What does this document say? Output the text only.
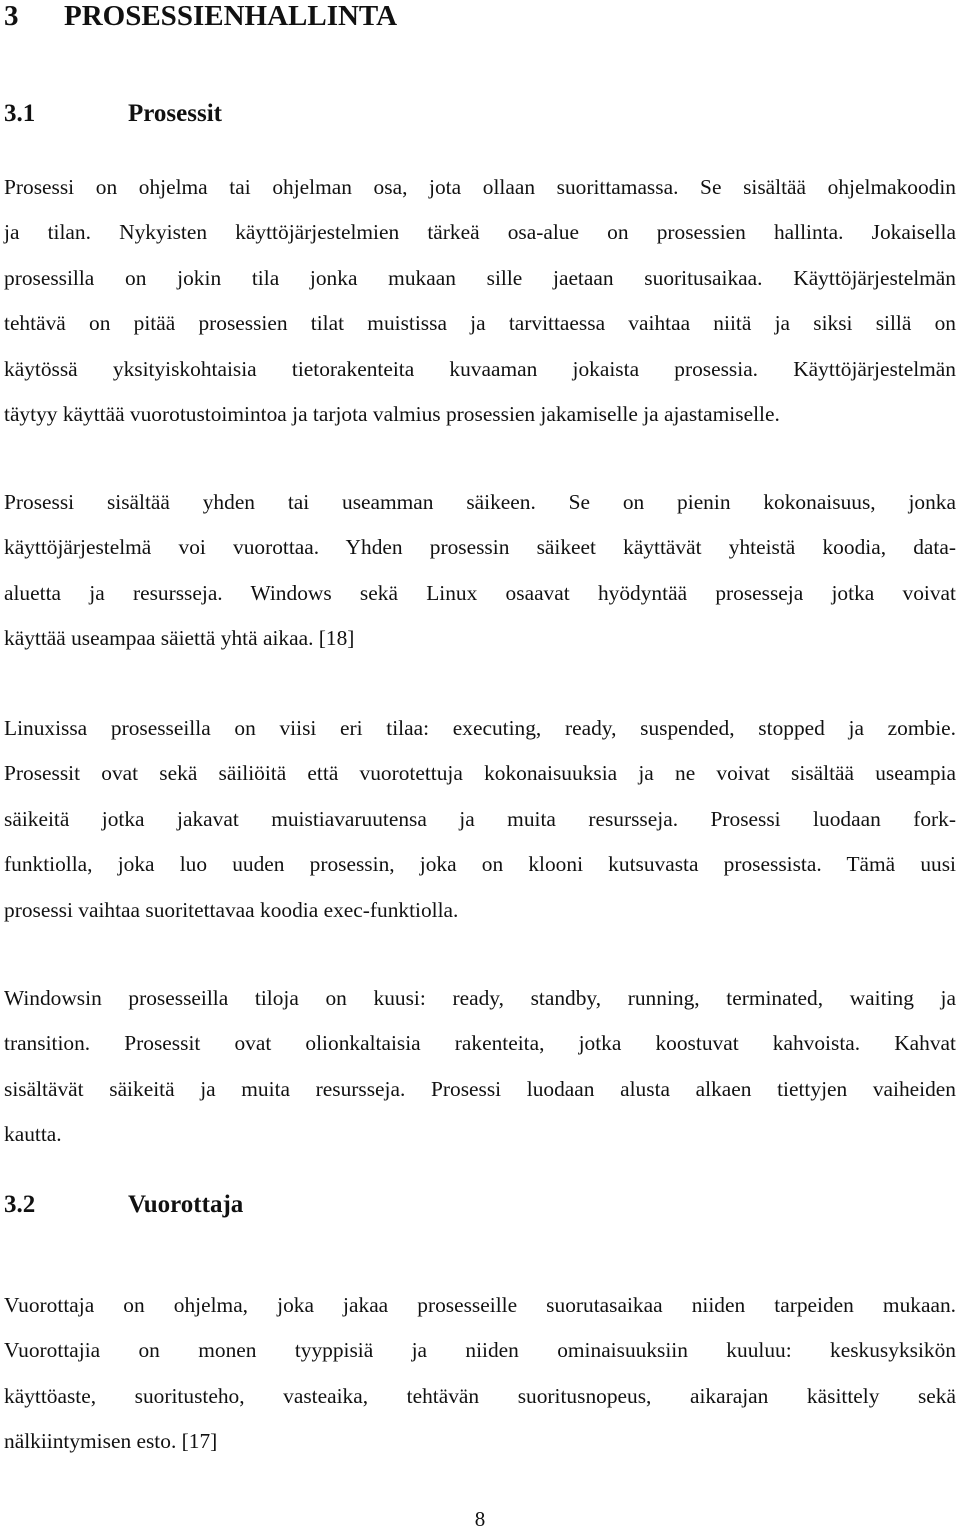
3 PROSESSIENHALLINTA
3.1	Prosessit
Prosessi on ohjelma tai ohjelman osa, jota ollaan suorittamassa. Se sisältää ohjelmakoodin
ja tilan. Nykyisten käyttöjärjestelmien tärkeä osa-alue on prosessien hallinta. Jokaisella
prosessilla on jokin tila jonka mukaan sille jaetaan suoritusaikaa. Käyttöjärjestelmän
tehtävä on pitää prosessien tilat muistissa ja tarvittaessa vaihtaa niitä ja siksi sillä on
käytössä yksityiskohtaisia tietorakenteita kuvaaman jokaista prosessia. Käyttöjärjestelmän
täytyy käyttää vuorotustoimintoa ja tarjota valmius prosessien jakamiselle ja ajastamiselle.
Prosessi sisältää yhden tai useamman säikeen. Se on pienin kokonaisuus, jonka
käyttöjärjestelmä voi vuorottaa. Yhden prosessin säikeet käyttävät yhteistä koodia, data-
aluetta ja resursseja. Windows sekä Linux osaavat hyödyntää prosesseja jotka voivat
käyttää useampaa säiettä yhtä aikaa. [18]
Linuxissa prosesseilla on viisi eri tilaa: executing, ready, suspended, stopped ja zombie.
Prosessit ovat sekä säiliöitä että vuorotettuja kokonaisuuksia ja ne voivat sisältää useampia
säikeitä jotka jakavat muistiavaruutensa ja muita resursseja. Prosessi luodaan fork-
funktiolla, joka luo uuden prosessin, joka on klooni kutsuvasta prosessista. Tämä uusi
prosessi vaihtaa suoritettavaa koodia exec-funktiolla.
Windowsin prosesseilla tiloja on kuusi: ready, standby, running, terminated, waiting ja
transition. Prosessit ovat olionkaltaisia rakenteita, jotka koostuvat kahvoista. Kahvat
sisältävät säikeitä ja muita resursseja. Prosessi luodaan alusta alkaen tiettyjen vaiheiden
kautta.
3.2	Vuorottaja
Vuorottaja on ohjelma, joka jakaa prosesseille suorutasaikaa niiden tarpeiden mukaan.
Vuorottajia on monen tyyppisiä ja niiden ominaisuuksiin kuuluu: keskusyksikön
käyttöaste, suoritusteho, vasteaika, tehtävän suoritusnopeus, aikarajan käsittely sekä
nälkiintymisen esto. [17]
8
